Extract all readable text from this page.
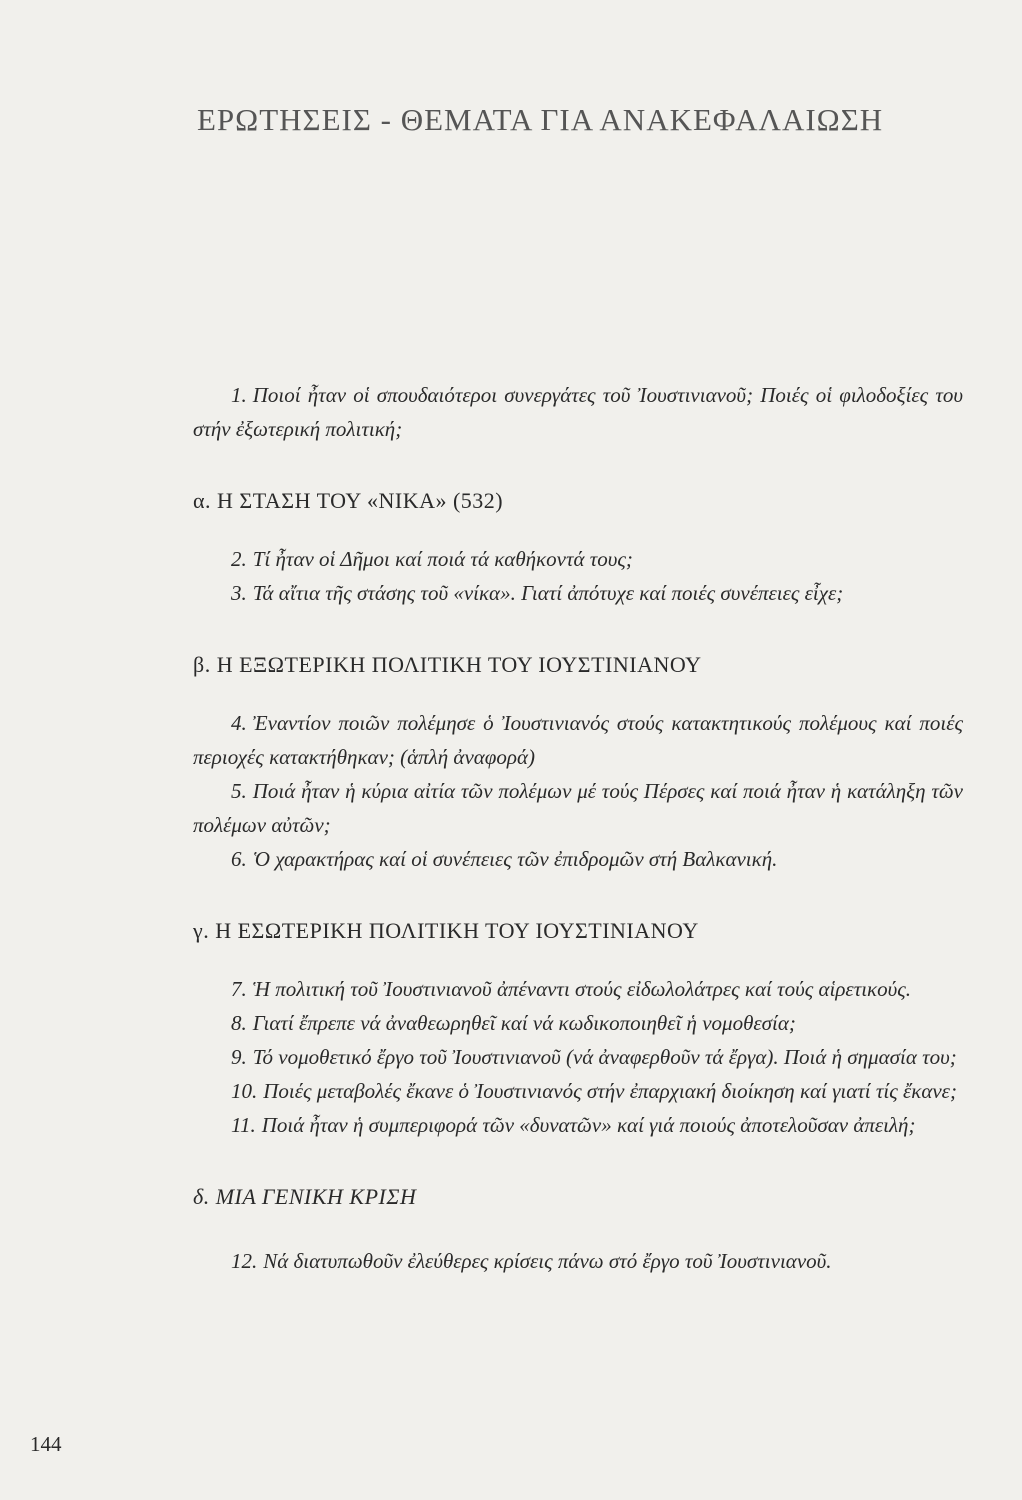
ΕΡΩΤΗΣΕΙΣ - ΘΕΜΑΤΑ ΓΙΑ ΑΝΑΚΕΦΑΛΑΙΩΣΗ

1. Ποιοί ἦταν οἱ σπουδαιότεροι συνεργάτες τοῦ Ἰουστινιανοῦ; Ποιές οἱ φιλοδοξίες του στήν ἐξωτερική πολιτική;

α. Η ΣΤΑΣΗ ΤΟΥ «ΝΙΚΑ» (532)

2. Τί ἦταν οἱ Δῆμοι καί ποιά τά καθήκοντά τους;

3. Τά αἴτια τῆς στάσης τοῦ «νίκα». Γιατί ἀπότυχε καί ποιές συνέπειες εἶχε;

β. Η ΕΞΩΤΕΡΙΚΗ ΠΟΛΙΤΙΚΗ ΤΟΥ ΙΟΥΣΤΙΝΙΑΝΟΥ

4. Ἐναντίον ποιῶν πολέμησε ὁ Ἰουστινιανός στούς κατακτητικούς πολέμους καί ποιές περιοχές κατακτήθηκαν; (ἁπλή ἀναφορά)

5. Ποιά ἦταν ἡ κύρια αἰτία τῶν πολέμων μέ τούς Πέρσες καί ποιά ἦταν ἡ κατάληξη τῶν πολέμων αὐτῶν;

6. Ὁ χαρακτήρας καί οἱ συνέπειες τῶν ἐπιδρομῶν στή Βαλκανική.

γ. Η ΕΣΩΤΕΡΙΚΗ ΠΟΛΙΤΙΚΗ ΤΟΥ ΙΟΥΣΤΙΝΙΑΝΟΥ

7. Ἡ πολιτική τοῦ Ἰουστινιανοῦ ἀπέναντι στούς εἰδωλολάτρες καί τούς αἱρετικούς.

8. Γιατί ἔπρεπε νά ἀναθεωρηθεῖ καί νά κωδικοποιηθεῖ ἡ νομοθεσία;

9. Τό νομοθετικό ἔργο τοῦ Ἰουστινιανοῦ (νά ἀναφερθοῦν τά ἔργα). Ποιά ἡ σημασία του;

10. Ποιές μεταβολές ἔκανε ὁ Ἰουστινιανός στήν ἐπαρχιακή διοίκηση καί γιατί τίς ἔκανε;

11. Ποιά ἦταν ἡ συμπεριφορά τῶν «δυνατῶν» καί γιά ποιούς ἀποτελοῦσαν ἀπειλή;

δ. ΜΙΑ ΓΕΝΙΚΗ ΚΡΙΣΗ

12. Νά διατυπωθοῦν ἐλεύθερες κρίσεις πάνω στό ἔργο τοῦ Ἰουστινιανοῦ.

144
